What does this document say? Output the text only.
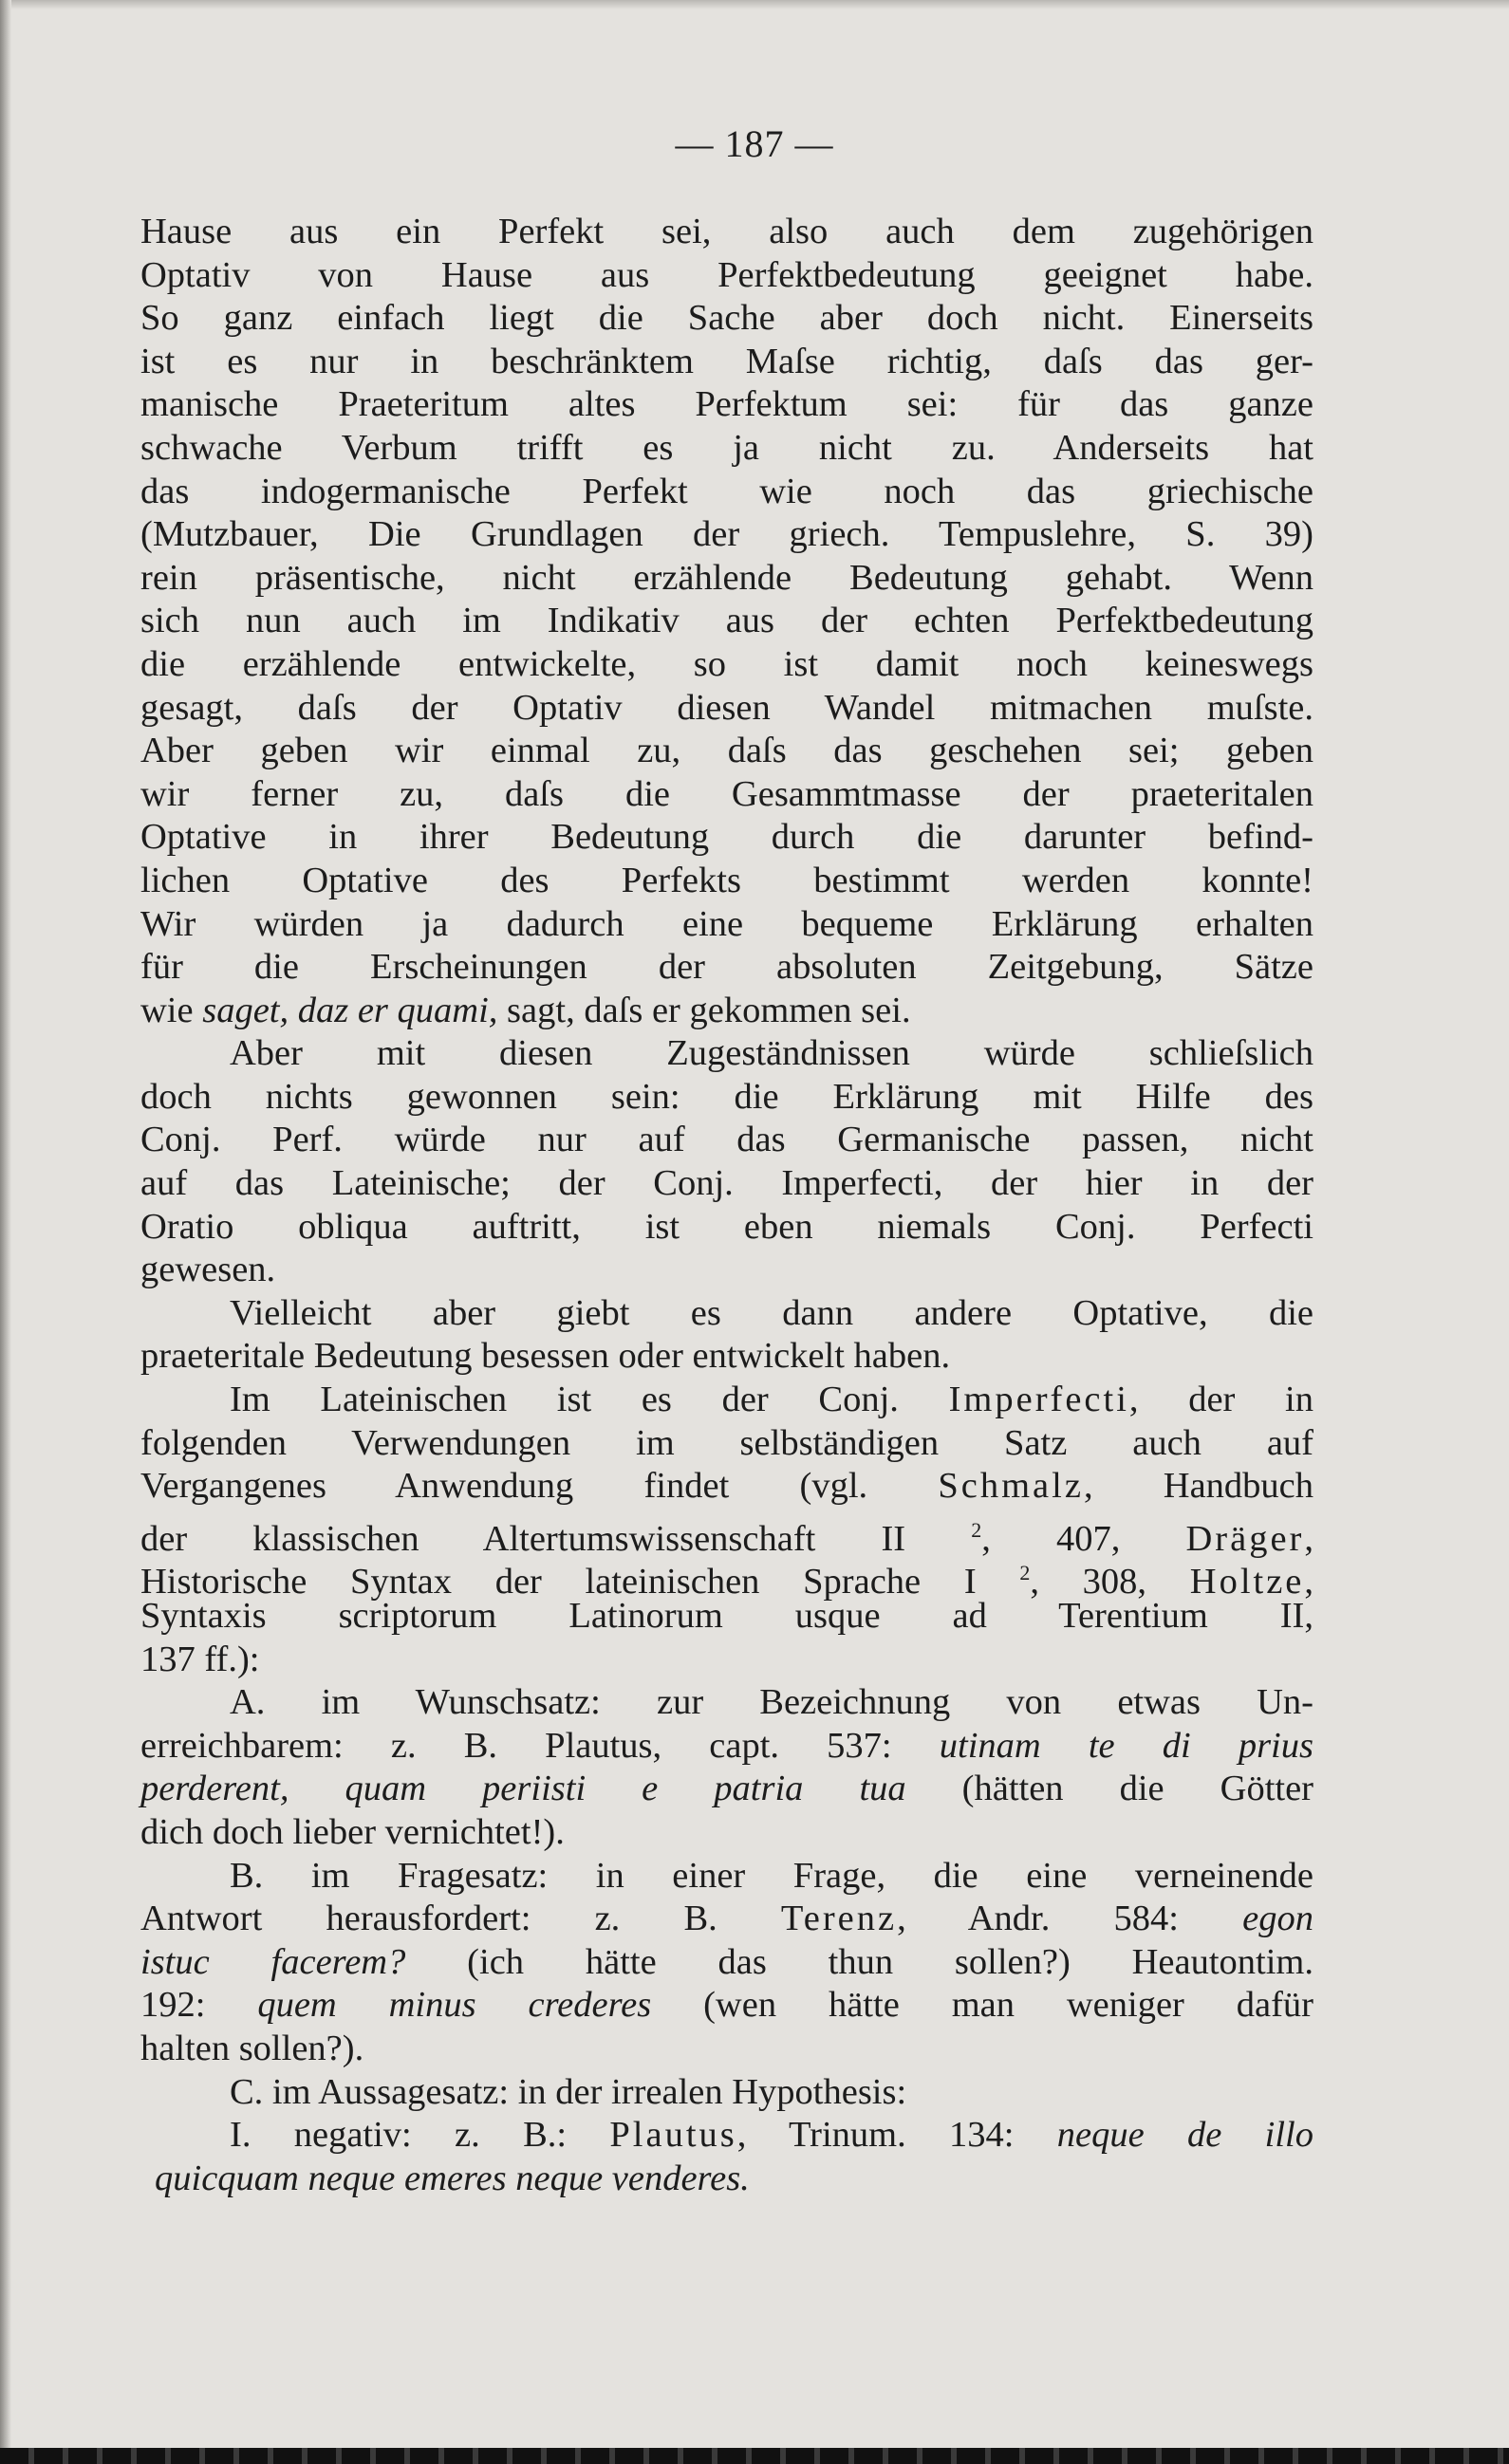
— 187 —
Hause aus ein Perfekt sei, also auch dem zugehörigen
Optativ von Hause aus Perfektbedeutung geeignet habe.
So ganz einfach liegt die Sache aber doch nicht. Einerseits
ist es nur in beschränktem Maſse richtig, daſs das ger-
manische Praeteritum altes Perfektum sei: für das ganze
schwache Verbum trifft es ja nicht zu. Anderseits hat
das indogermanische Perfekt wie noch das griechische
(Mutzbauer, Die Grundlagen der griech. Tempuslehre, S. 39)
rein präsentische, nicht erzählende Bedeutung gehabt. Wenn
sich nun auch im Indikativ aus der echten Perfektbedeutung
die erzählende entwickelte, so ist damit noch keineswegs
gesagt, daſs der Optativ diesen Wandel mitmachen muſste.
Aber geben wir einmal zu, daſs das geschehen sei; geben
wir ferner zu, daſs die Gesammtmasse der praeteritalen
Optative in ihrer Bedeutung durch die darunter befind-
lichen Optative des Perfekts bestimmt werden konnte!
Wir würden ja dadurch eine bequeme Erklärung erhalten
für die Erscheinungen der absoluten Zeitgebung, Sätze
wie saget, daz er quami, sagt, daſs er gekommen sei.
Aber mit diesen Zugeständnissen würde schlieſslich
doch nichts gewonnen sein: die Erklärung mit Hilfe des
Conj. Perf. würde nur auf das Germanische passen, nicht
auf das Lateinische; der Conj. Imperfecti, der hier in der
Oratio obliqua auftritt, ist eben niemals Conj. Perfecti
gewesen.
Vielleicht aber giebt es dann andere Optative, die
praeteritale Bedeutung besessen oder entwickelt haben.
Im Lateinischen ist es der Conj. Imperfecti, der in
folgenden Verwendungen im selbständigen Satz auch auf
Vergangenes Anwendung findet (vgl. Schmalz, Handbuch
der klassischen Altertumswissenschaft II $^2$, 407, Dräger,
Historische Syntax der lateinischen Sprache I $^2$, 308, Holtze,
Syntaxis scriptorum Latinorum usque ad Terentium II,
137 ff.):
A. im Wunschsatz: zur Bezeichnung von etwas Un-
erreichbarem: z. B. Plautus, capt. 537: utinam te di prius
perderent, quam periisti e patria tua (hätten die Götter
dich doch lieber vernichtet!).
B. im Fragesatz: in einer Frage, die eine verneinende
Antwort herausfordert: z. B. Terenz, Andr. 584: egon
istuc facerem? (ich hätte das thun sollen?) Heautontim.
192: quem minus crederes (wen hätte man weniger dafür
halten sollen?).
C. im Aussagesatz: in der irrealen Hypothesis:
I. negativ: z. B.: Plautus, Trinum. 134: neque de illo
quicquam neque emeres neque venderes.
